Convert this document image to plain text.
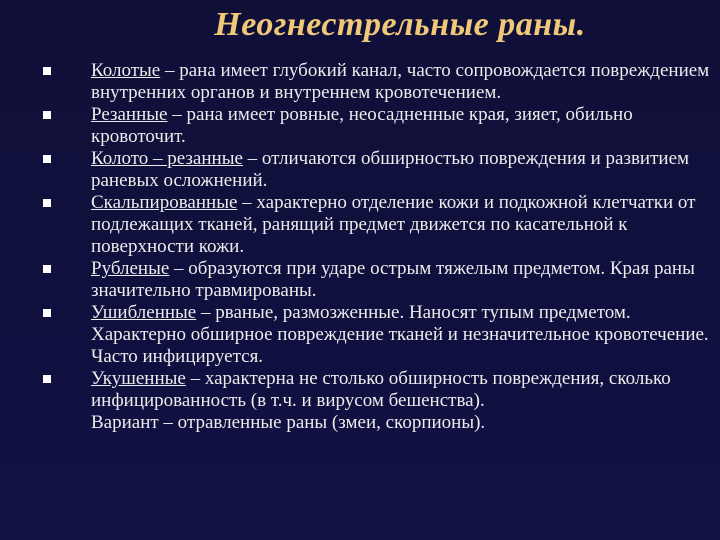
Неогнестрельные раны.
Колотые – рана имеет глубокий канал, часто сопровождается повреждением внутренних органов и внутреннем кровотечением.
Резанные – рана имеет ровные, неосадненные края, зияет, обильно кровоточит.
Колото – резанные – отличаются обширностью повреждения и развитием раневых осложнений.
Скальпированные – характерно отделение кожи и подкожной клетчатки от подлежащих тканей, ранящий предмет движется по касательной к поверхности кожи.
Рубленые – образуются при ударе острым тяжелым предметом. Края раны значительно травмированы.
Ушибленные – рваные, размозженные. Наносят тупым предметом. Характерно обширное повреждение тканей и незначительное кровотечение. Часто инфицируется.
Укушенные – характерна не столько обширность повреждения, сколько инфицированность (в т.ч. и вирусом бешенства).
Вариант – отравленные раны (змеи, скорпионы).
